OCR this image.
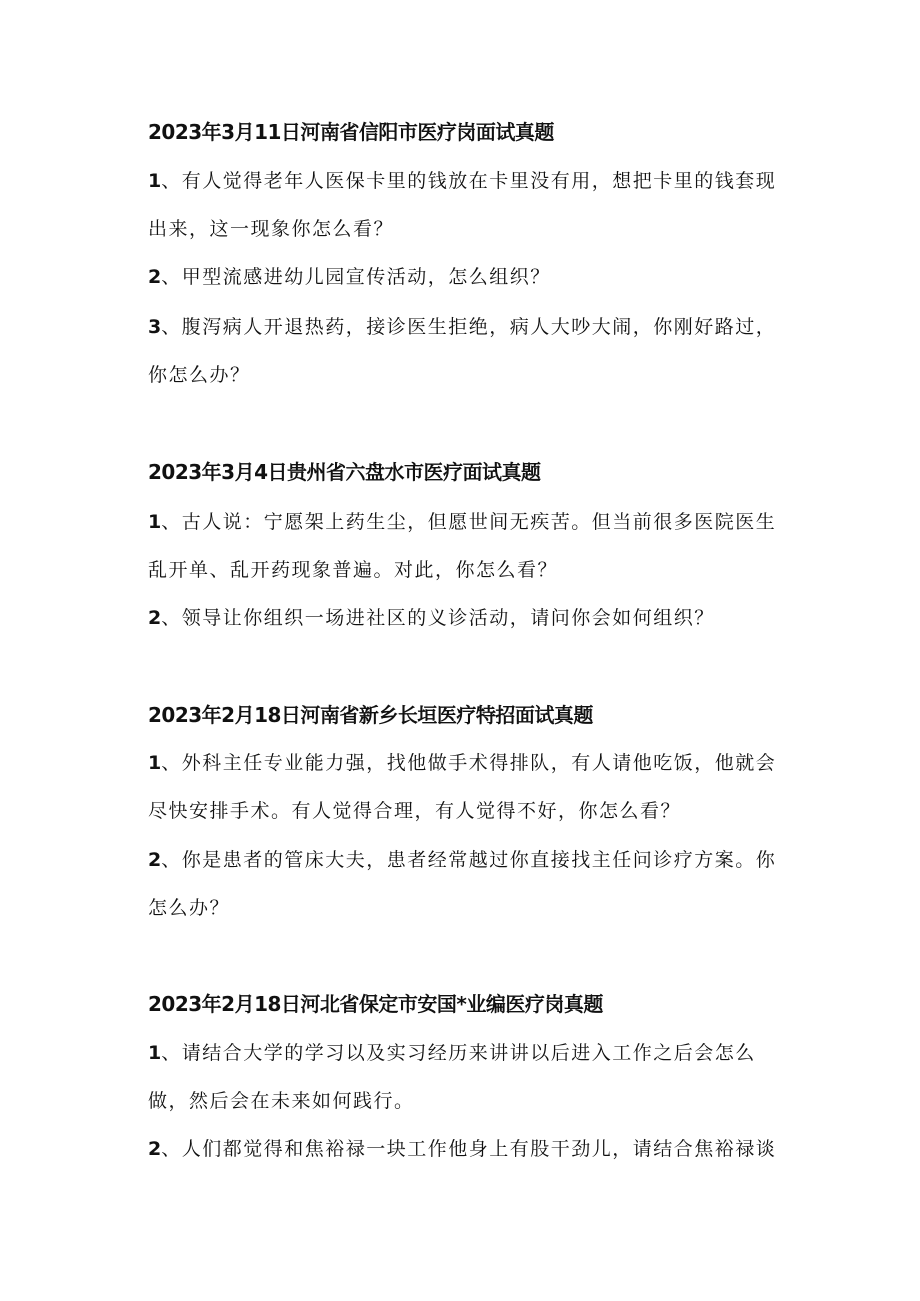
2023年3月11日河南省信阳市医疗岗面试真题
1、有人觉得老年人医保卡里的钱放在卡里没有用，想把卡里的钱套现
出来，这一现象你怎么看？
2、甲型流感进幼儿园宣传活动，怎么组织？
3、腹泻病人开退热药，接诊医生拒绝，病人大吵大闹，你刚好路过，
你怎么办？
2023年3月4日贵州省六盘水市医疗面试真题
1、古人说：宁愿架上药生尘，但愿世间无疾苦。但当前很多医院医生
乱开单、乱开药现象普遍。对此，你怎么看？
2、领导让你组织一场进社区的义诊活动，请问你会如何组织？
2023年2月18日河南省新乡长垣医疗特招面试真题
1、外科主任专业能力强，找他做手术得排队，有人请他吃饭，他就会
尽快安排手术。有人觉得合理，有人觉得不好，你怎么看？
2、你是患者的管床大夫，患者经常越过你直接找主任问诊疗方案。你
怎么办？
2023年2月18日河北省保定市安国*业编医疗岗真题
1、请结合大学的学习以及实习经历来讲讲以后进入工作之后会怎么
做，然后会在未来如何践行。
2、人们都觉得和焦裕禄一块工作他身上有股干劲儿，请结合焦裕禄谈
